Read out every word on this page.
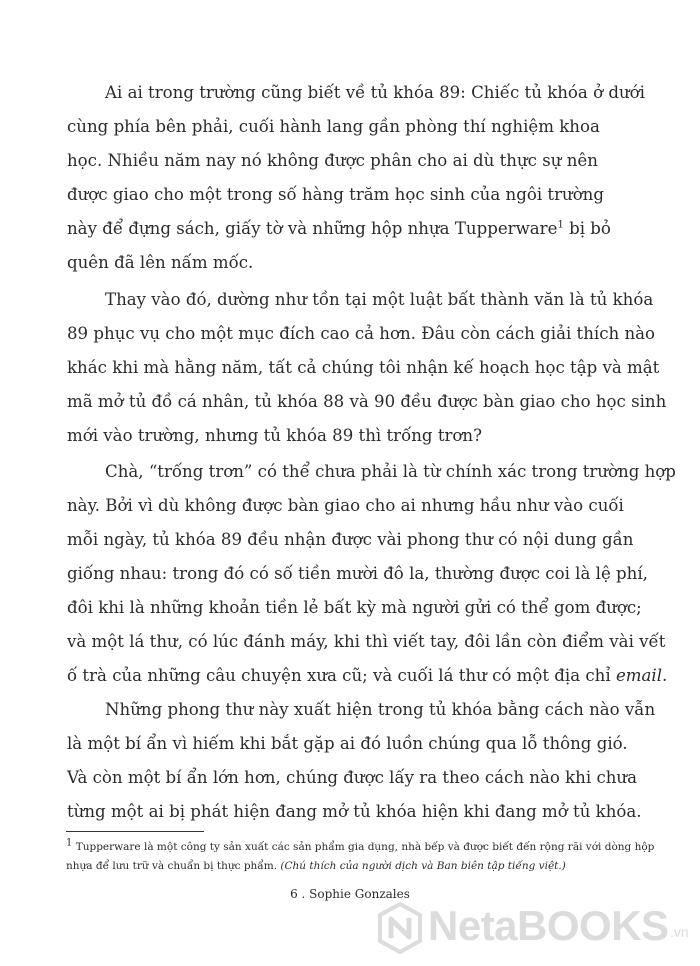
Ai ai trong trường cũng biết về tủ khóa 89: Chiếc tủ khóa ở dưới
cùng phía bên phải, cuối hành lang gần phòng thí nghiệm khoa
học. Nhiều năm nay nó không được phân cho ai dù thực sự nên
được giao cho một trong số hàng trăm học sinh của ngôi trường
này để đựng sách, giấy tờ và những hộp nhựa Tupperware$^1$ bị bỏ
quên đã lên nấm mốc.

Thay vào đó, dường như tồn tại một luật bất thành văn là tủ khóa
89 phục vụ cho một mục đích cao cả hơn. Đâu còn cách giải thích nào
khác khi mà hằng năm, tất cả chúng tôi nhận kế hoạch học tập và mật
mã mở tủ đồ cá nhân, tủ khóa 88 và 90 đều được bàn giao cho học sinh
mới vào trường, nhưng tủ khóa 89 thì trống trơn?

Chà, “trống trơn” có thể chưa phải là từ chính xác trong trường hợp
này. Bởi vì dù không được bàn giao cho ai nhưng hầu như vào cuối
mỗi ngày, tủ khóa 89 đều nhận được vài phong thư có nội dung gần
giống nhau: trong đó có số tiền mười đô la, thường được coi là lệ phí,
đôi khi là những khoản tiền lẻ bất kỳ mà người gửi có thể gom được;
và một lá thư, có lúc đánh máy, khi thì viết tay, đôi lần còn điểm vài vết
ố trà của những câu chuyện xưa cũ; và cuối lá thư có một địa chỉ email.

Những phong thư này xuất hiện trong tủ khóa bằng cách nào vẫn
là một bí ẩn vì hiếm khi bắt gặp ai đó luồn chúng qua lỗ thông gió.
Và còn một bí ẩn lớn hơn, chúng được lấy ra theo cách nào khi chưa
từng một ai bị phát hiện đang mở tủ khóa hiện khi đang mở tủ khóa.

$^1$ Tupperware là một công ty sản xuất các sản phẩm gia dụng, nhà bếp và được biết đến rộng rãi với dòng hộp
nhựa để lưu trữ và chuẩn bị thực phẩm. (Chú thích của người dịch và Ban biên tập tiếng việt.)
6 . Sophie Gonzales
NetaBOOKS .vn
